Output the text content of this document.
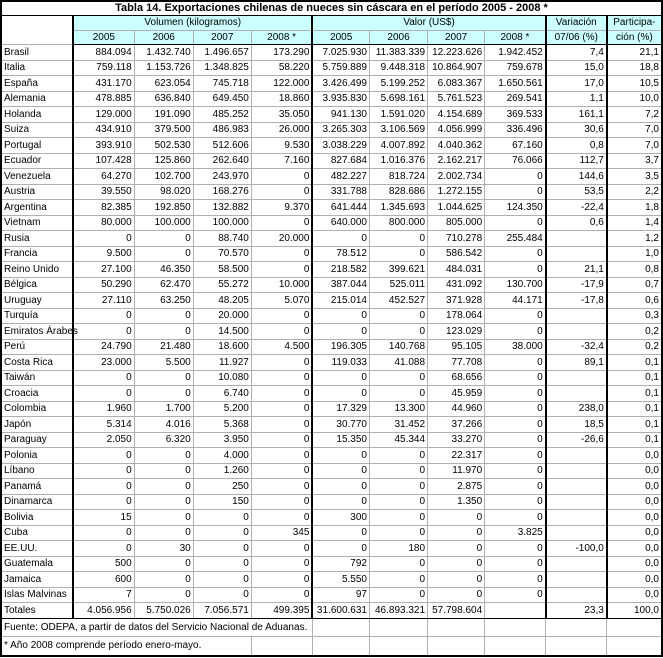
Tabla 14. Exportaciones chilenas de nueces sin cáscara en el período 2005 - 2008 *										
	Volumen (kilogramos)				Valor (US$)				Variación	Participa-
	2005	2006	2007	2008 *	2005	2006	2007	2008 *	07/06 (%)	ción (%)
Brasil	884.094	1.432.740	1.496.657	173.290	7.025.930	11.383.339	12.223.626	1.942.452	7,4	21,1
Italia	759.118	1.153.726	1.348.825	58.220	5.759.889	9.448.318	10.864.907	759.678	15,0	18,8
España	431.170	623.054	745.718	122.000	3.426.499	5.199.252	6.083.367	1.650.561	17,0	10,5
Alemania	478.885	636.840	649.450	18.860	3.935.830	5.698.161	5.761.523	269.541	1,1	10,0
Holanda	129.000	191.090	485.252	35.050	941.130	1.591.020	4.154.689	369.533	161,1	7,2
Suiza	434.910	379.500	486.983	26.000	3.265.303	3.106.569	4.056.999	336.496	30,6	7,0
Portugal	393.910	502.530	512.606	9.530	3.038.229	4.007.892	4.040.362	67.160	0,8	7,0
Ecuador	107.428	125.860	262.640	7.160	827.684	1.016.376	2.162.217	76.066	112,7	3,7
Venezuela	64.270	102.700	243.970	0	482.227	818.724	2.002.734	0	144,6	3,5
Austria	39.550	98.020	168.276	0	331.788	828.686	1.272.155	0	53,5	2,2
Argentina	82.385	192.850	132.882	9.370	641.444	1.345.693	1.044.625	124.350	-22,4	1,8
Vietnam	80.000	100.000	100.000	0	640.000	800.000	805.000	0	0,6	1,4
Rusia	0	0	88.740	20.000	0	0	710.278	255.484		1,2
Francia	9.500	0	70.570	0	78.512	0	586.542	0		1,0
Reino Unido	27.100	46.350	58.500	0	218.582	399.621	484.031	0	21,1	0,8
Bélgica	50.290	62.470	55.272	10.000	387.044	525.011	431.092	130.700	-17,9	0,7
Uruguay	27.110	63.250	48.205	5.070	215.014	452.527	371.928	44.171	-17,8	0,6
Turquía	0	0	20.000	0	0	0	178.064	0		0,3
Emiratos Árabes	0	0	14.500	0	0	0	123.029	0		0,2
Perú	24.790	21.480	18.600	4.500	196.305	140.768	95.105	38.000	-32,4	0,2
Costa Rica	23.000	5.500	11.927	0	119.033	41.088	77.708	0	89,1	0,1
Taiwán	0	0	10.080	0	0	0	68.656	0		0,1
Croacia	0	0	6.740	0	0	0	45.959	0		0,1
Colombia	1.960	1.700	5.200	0	17.329	13.300	44.960	0	238,0	0,1
Japón	5.314	4.016	5.368	0	30.770	31.452	37.266	0	18,5	0,1
Paraguay	2.050	6.320	3.950	0	15.350	45.344	33.270	0	-26,6	0,1
Polonia	0	0	4.000	0	0	0	22.317	0		0,0
Líbano	0	0	1.260	0	0	0	11.970	0		0,0
Panamá	0	0	250	0	0	0	2.875	0		0,0
Dinamarca	0	0	150	0	0	0	1.350	0		0,0
Bolivia	15	0	0	0	300	0	0	0		0,0
Cuba	0	0	0	345	0	0	0	3.825		0,0
EE.UU.	0	30	0	0	0	180	0	0	-100,0	0,0
Guatemala	500	0	0	0	792	0	0	0		0,0
Jamaica	600	0	0	0	5.550	0	0	0		0,0
Islas Malvinas	7	0	0	0	97	0	0	0		0,0
Totales	4.056.956	5.750.026	7.056.571	499.395	31.600.631	46.893.321	57.798.604		23,3	100,0
Fuente: ODEPA, a partir de datos del Servicio Nacional de Aduanas.										
* Año 2008 comprende período enero-mayo.										
